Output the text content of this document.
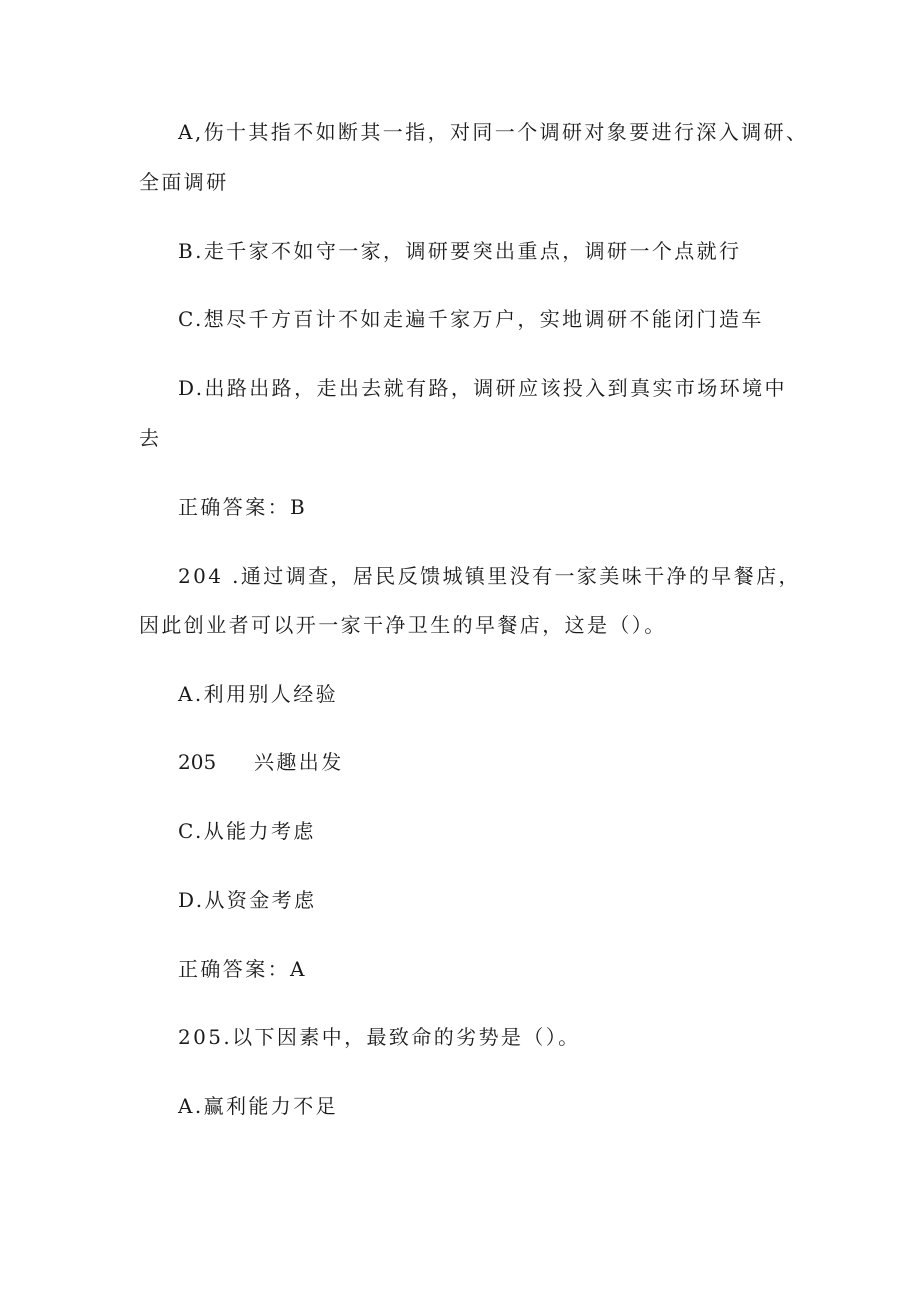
A,伤十其指不如断其一指，对同一个调研对象要进行深入调研、
全面调研
B.走千家不如守一家，调研要突出重点，调研一个点就行
C.想尽千方百计不如走遍千家万户，实地调研不能闭门造车
D.出路出路，走出去就有路，调研应该投入到真实市场环境中
去
正确答案：B
204 .通过调查，居民反馈城镇里没有一家美味干净的早餐店，
因此创业者可以开一家干净卫生的早餐店，这是（）。
A.利用别人经验
205 兴趣出发
C.从能力考虑
D.从资金考虑
正确答案：A
205.以下因素中，最致命的劣势是（）。
A.赢利能力不足
